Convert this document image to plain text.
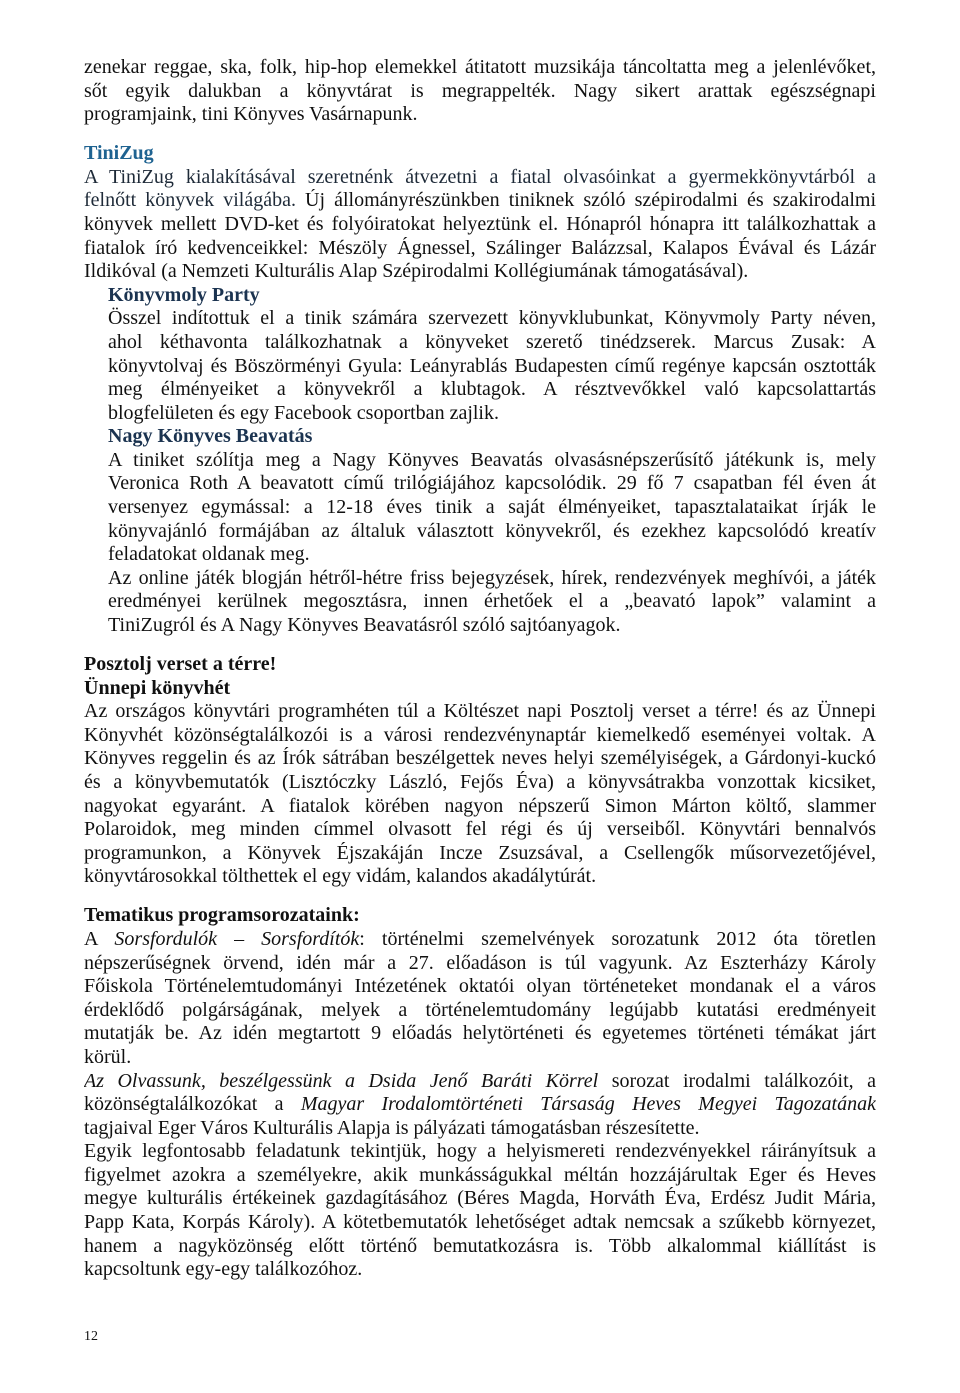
zenekar reggae, ska, folk, hip-hop elemekkel átitatott muzsikája táncoltatta meg a jelenlévőket,
sőt egyik dalukban a könyvtárat is megrappelték. Nagy sikert arattak egészségnapi
programjaink, tini Könyves Vasárnapunk.
TiniZug
A TiniZug kialakításával szeretnénk átvezetni a fiatal olvasóinkat a gyermekkönyvtárból a
felnőtt könyvek világába. Új állományrészünkben tiniknek szóló szépirodalmi és szakirodalmi
könyvek mellett DVD-ket és folyóiratokat helyeztünk el. Hónapról hónapra itt találkozhattak a
fiatalok író kedvenceikkel: Mészöly Ágnessel, Szálinger Balázzsal, Kalapos Évával és Lázár
Ildikóval (a Nemzeti Kulturális Alap Szépirodalmi Kollégiumának támogatásával).
Könyvmoly Party
Összel indítottuk el a tinik számára szervezett könyvklubunkat, Könyvmoly Party néven,
ahol kéthavonta találkozhatnak a könyveket szerető tinédzserek. Marcus Zusak: A
könyvtolvaj és Böszörményi Gyula: Leányrablás Budapesten című regénye kapcsán osztották
meg élményeiket a könyvekről a klubtagok. A résztvevőkkel való kapcsolattartás
blogfelületen és egy Facebook csoportban zajlik.
Nagy Könyves Beavatás
A tiniket szólítja meg a Nagy Könyves Beavatás olvasásnépszerűsítő játékunk is, mely
Veronica Roth A beavatott című trilógiájához kapcsolódik. 29 fő 7 csapatban fél éven át
versenyez egymással: a 12-18 éves tinik a saját élményeiket, tapasztalataikat írják le
könyvajánló formájában az általuk választott könyvekről, és ezekhez kapcsolódó kreatív
feladatokat oldanak meg.
Az online játék blogján hétről-hétre friss bejegyzések, hírek, rendezvények meghívói, a játék
eredményei kerülnek megosztásra, innen érhetőek el a „beavató lapok” valamint a
TiniZugról és A Nagy Könyves Beavatásról szóló sajtóanyagok.
Posztolj verset a térre!
Ünnepi könyvhét
Az országos könyvtári programhéten túl a Költészet napi Posztolj verset a térre! és az Ünnepi
Könyvhét közönségtalálkozói is a városi rendezvénynaptár kiemelkedő eseményei voltak. A
Könyves reggelin és az Írók sátrában beszélgettek neves helyi személyiségek, a Gárdonyi-kuckó
és a könyvbemutatók (Lisztóczky László, Fejős Éva) a könyvsátrakba vonzottak kicsiket,
nagyokat egyaránt. A fiatalok körében nagyon népszerű Simon Márton költő, slammer
Polaroidok, meg minden címmel olvasott fel régi és új verseiből. Könyvtári bennalvós
programunkon, a Könyvek Éjszakáján Incze Zsuzsával, a Csellengők műsorvezetőjével,
könyvtárosokkal tölthettek el egy vidám, kalandos akadálytúrát.
Tematikus programsorozataink:
A Sorsfordulók – Sorsfordítók: történelmi szemelvények sorozatunk 2012 óta töretlen
népszerűségnek örvend, idén már a 27. előadáson is túl vagyunk. Az Eszterházy Károly
Főiskola Történelemtudományi Intézetének oktatói olyan történeteket mondanak el a város
érdeklődő polgárságának, melyek a történelemtudomány legújabb kutatási eredményeit
mutatják be. Az idén megtartott 9 előadás helytörténeti és egyetemes történeti témákat járt
körül.
Az Olvassunk, beszélgessünk a Dsida Jenő Baráti Körrel sorozat irodalmi találkozóit, a
közönségtalálkozókat a Magyar Irodalomtörténeti Társaság Heves Megyei Tagozatának
tagjaival Eger Város Kulturális Alapja is pályázati támogatásban részesítette.
Egyik legfontosabb feladatunk tekintjük, hogy a helyismereti rendezvényekkel ráirányítsuk a
figyelmet azokra a személyekre, akik munkásságukkal méltán hozzájárultak Eger és Heves
megye kulturális értékeinek gazdagításához (Béres Magda, Horváth Éva, Erdész Judit Mária,
Papp Kata, Korpás Károly). A kötetbemutatók lehetőséget adtak nemcsak a szűkebb környezet,
hanem a nagyközönség előtt történő bemutatkozásra is. Több alkalommal kiállítást is
kapcsoltunk egy-egy találkozóhoz.
12
